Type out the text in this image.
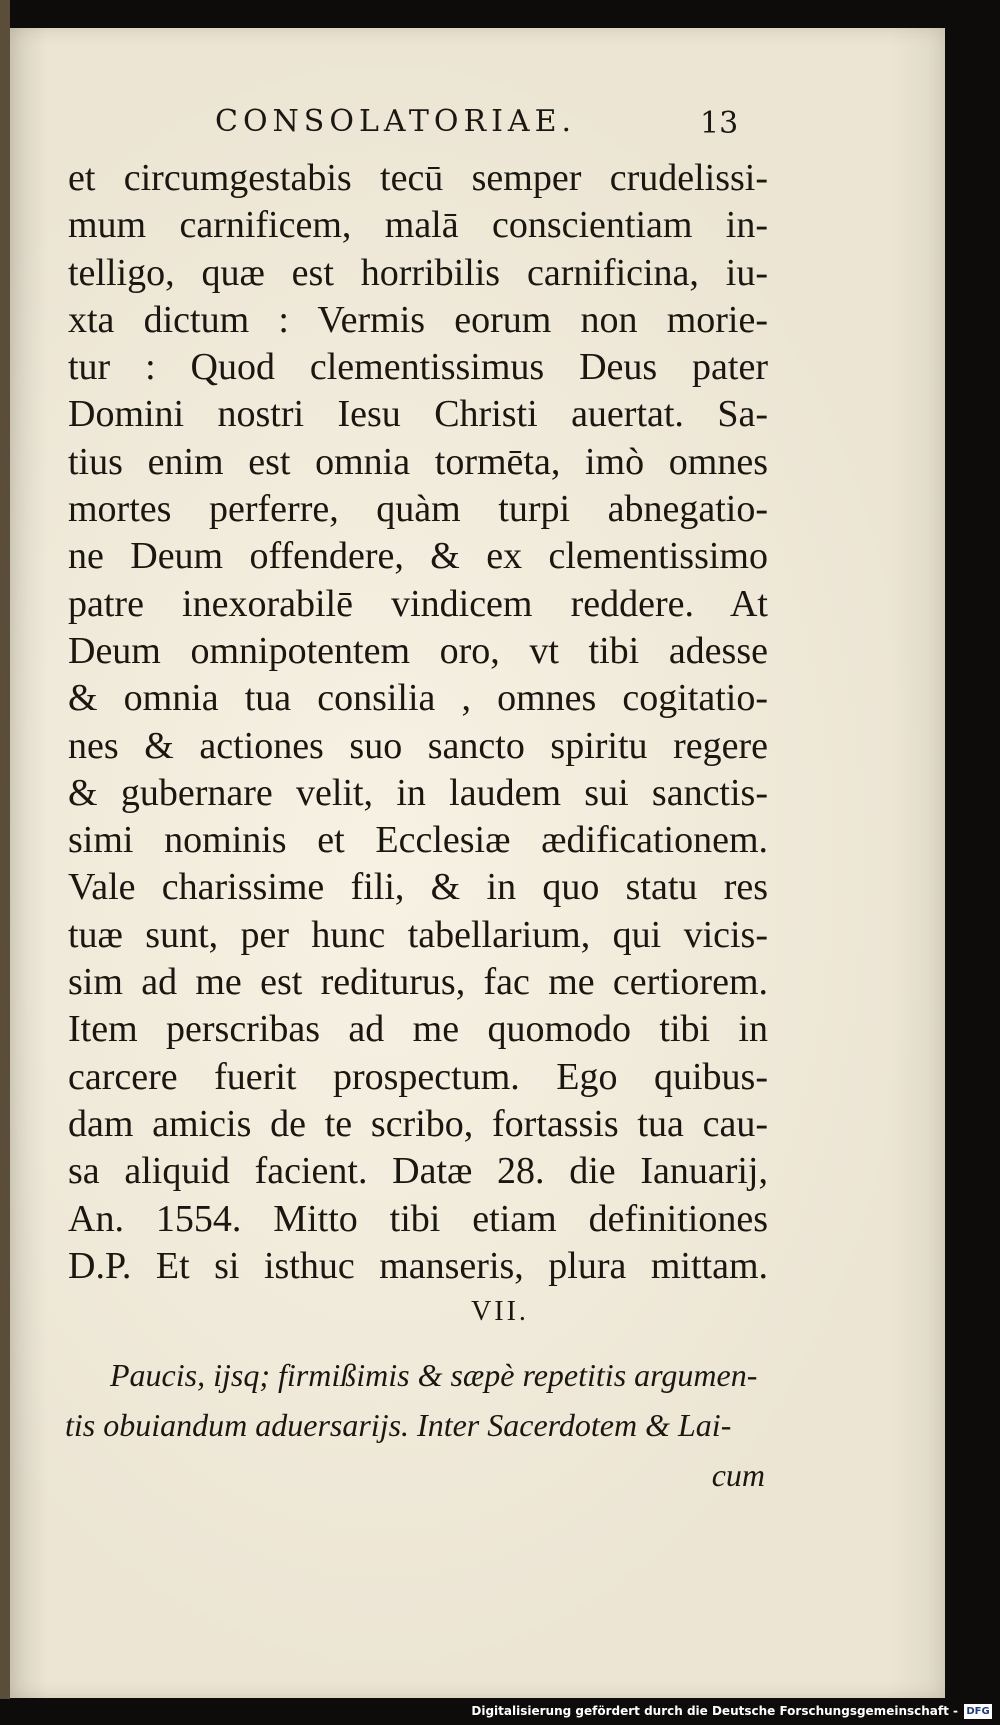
CONSOLATORIAE.	13
et circumgestabis tecū semper crudelissi-
mum carnificem, malā conscientiam in-
telligo, quæ est horribilis carnificina, iu-
xta dictum : Vermis eorum non morie-
tur : Quod clementissimus Deus pater
Domini nostri Iesu Christi auertat. Sa-
tius enim est omnia tormēta, imò omnes
mortes perferre, quàm turpi abnegatio-
ne Deum offendere, & ex clementissimo
patre inexorabilē vindicem reddere. At
Deum omnipotentem oro, vt tibi adesse
& omnia tua consilia , omnes cogitatio-
nes & actiones suo sancto spiritu regere
& gubernare velit, in laudem sui sanctis-
simi nominis et Ecclesiæ ædificationem.
Vale charissime fili, & in quo statu res
tuæ sunt, per hunc tabellarium, qui vicis-
sim ad me est rediturus, fac me certiorem.
Item perscribas ad me quomodo tibi in
carcere fuerit prospectum. Ego quibus-
dam amicis de te scribo, fortassis tua cau-
sa aliquid facient. Datæ 28. die Ianuarij,
An. 1554. Mitto tibi etiam definitiones
D.P. Et si isthuc manseris, plura mittam.
VII.
Paucis, ijsq; firmißimis & sæpè repetitis argumen-
tis obuiandum aduersarijs. Inter Sacerdotem & Lai-
cum
Digitalisierung gefördert durch die Deutsche Forschungsgemeinschaft - DFG
